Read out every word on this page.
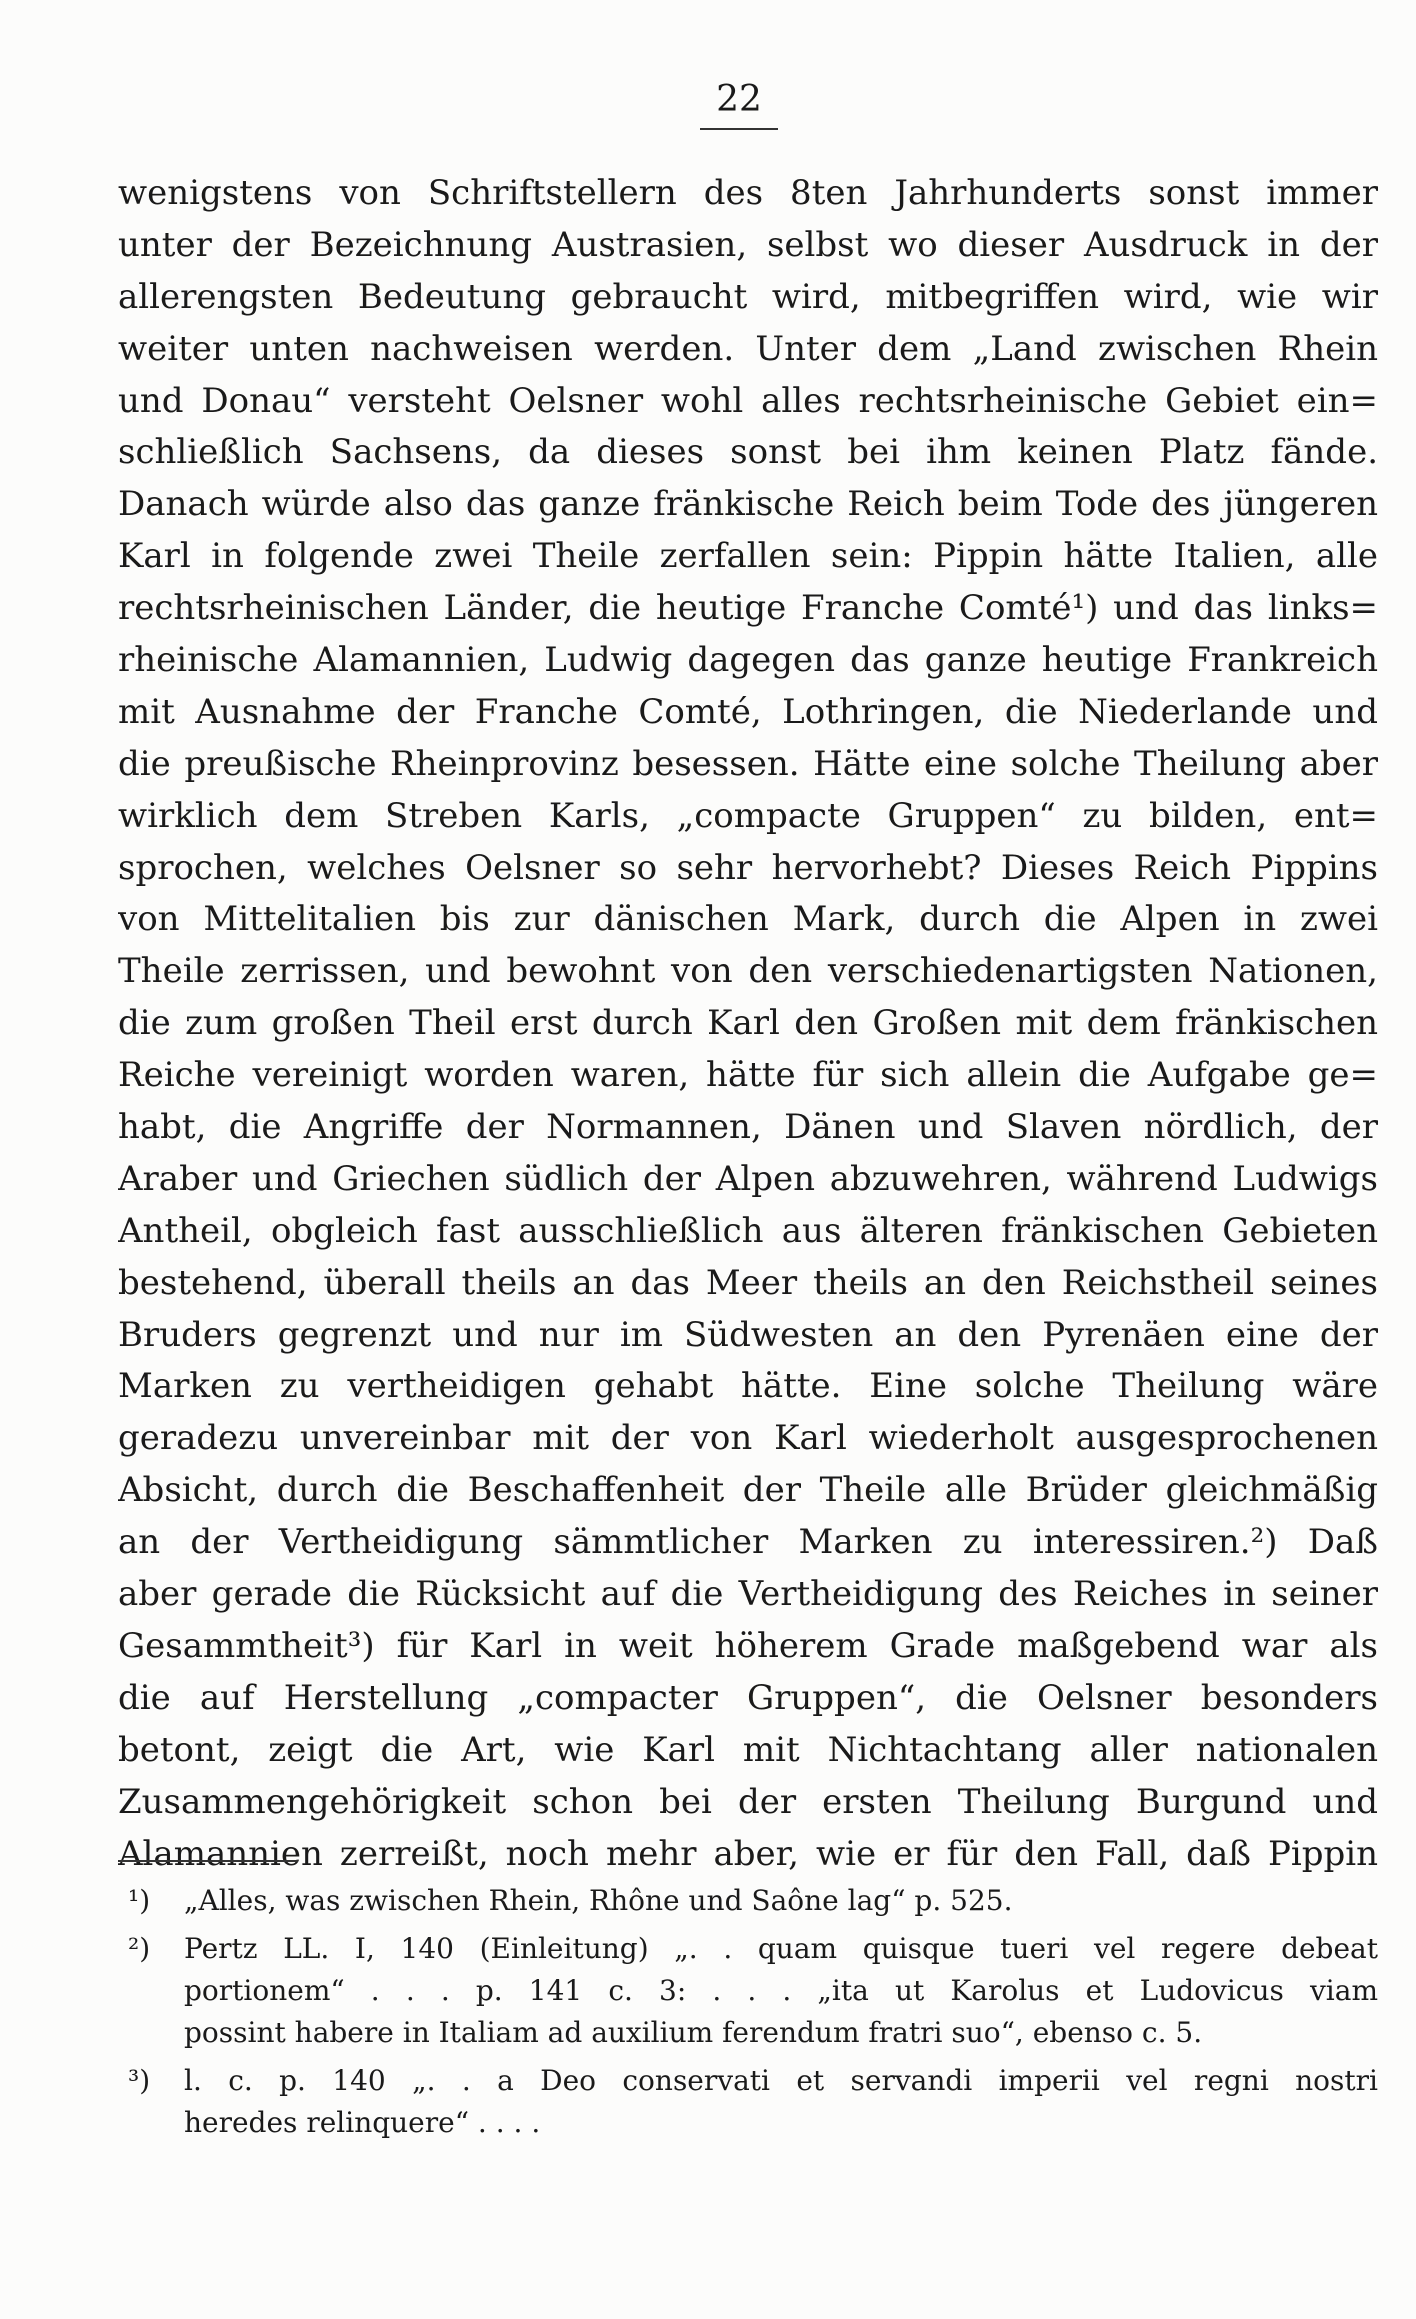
22
wenigstens von Schriftstellern des 8ten Jahrhunderts sonst immer
unter der Bezeichnung Austrasien, selbst wo dieser Ausdruck in der
allerengsten Bedeutung gebraucht wird, mitbegriffen wird, wie wir
weiter unten nachweisen werden. Unter dem „Land zwischen Rhein
und Donau“ versteht Oelsner wohl alles rechtsrheinische Gebiet ein=
schließlich Sachsens, da dieses sonst bei ihm keinen Platz fände.
Danach würde also das ganze fränkische Reich beim Tode des jüngeren
Karl in folgende zwei Theile zerfallen sein: Pippin hätte Italien, alle
rechtsrheinischen Länder, die heutige Franche Comté¹) und das links=
rheinische Alamannien, Ludwig dagegen das ganze heutige Frankreich
mit Ausnahme der Franche Comté, Lothringen, die Niederlande und
die preußische Rheinprovinz besessen. Hätte eine solche Theilung aber
wirklich dem Streben Karls, „compacte Gruppen“ zu bilden, ent=
sprochen, welches Oelsner so sehr hervorhebt? Dieses Reich Pippins
von Mittelitalien bis zur dänischen Mark, durch die Alpen in zwei
Theile zerrissen, und bewohnt von den verschiedenartigsten Nationen,
die zum großen Theil erst durch Karl den Großen mit dem fränkischen
Reiche vereinigt worden waren, hätte für sich allein die Aufgabe ge=
habt, die Angriffe der Normannen, Dänen und Slaven nördlich, der
Araber und Griechen südlich der Alpen abzuwehren, während Ludwigs
Antheil, obgleich fast ausschließlich aus älteren fränkischen Gebieten
bestehend, überall theils an das Meer theils an den Reichstheil seines
Bruders gegrenzt und nur im Südwesten an den Pyrenäen eine der
Marken zu vertheidigen gehabt hätte. Eine solche Theilung wäre
geradezu unvereinbar mit der von Karl wiederholt ausgesprochenen
Absicht, durch die Beschaffenheit der Theile alle Brüder gleichmäßig
an der Vertheidigung sämmtlicher Marken zu interessiren.²) Daß
aber gerade die Rücksicht auf die Vertheidigung des Reiches in seiner
Gesammtheit³) für Karl in weit höherem Grade maßgebend war als
die auf Herstellung „compacter Gruppen“, die Oelsner besonders
betont, zeigt die Art, wie Karl mit Nichtachtang aller nationalen
Zusammengehörigkeit schon bei der ersten Theilung Burgund und
Alamannien zerreißt, noch mehr aber, wie er für den Fall, daß Pippin
¹) „Alles, was zwischen Rhein, Rhône und Saône lag“ p. 525.
²) Pertz LL. I, 140 (Einleitung) „. . quam quisque tueri vel regere debeat
portionem“ . . . p. 141 c. 3: . . . „ita ut Karolus et Ludovicus viam
possint habere in Italiam ad auxilium ferendum fratri suo“, ebenso c. 5.
³) l. c. p. 140 „. . a Deo conservati et servandi imperii vel regni nostri
heredes relinquere“ . . . .
